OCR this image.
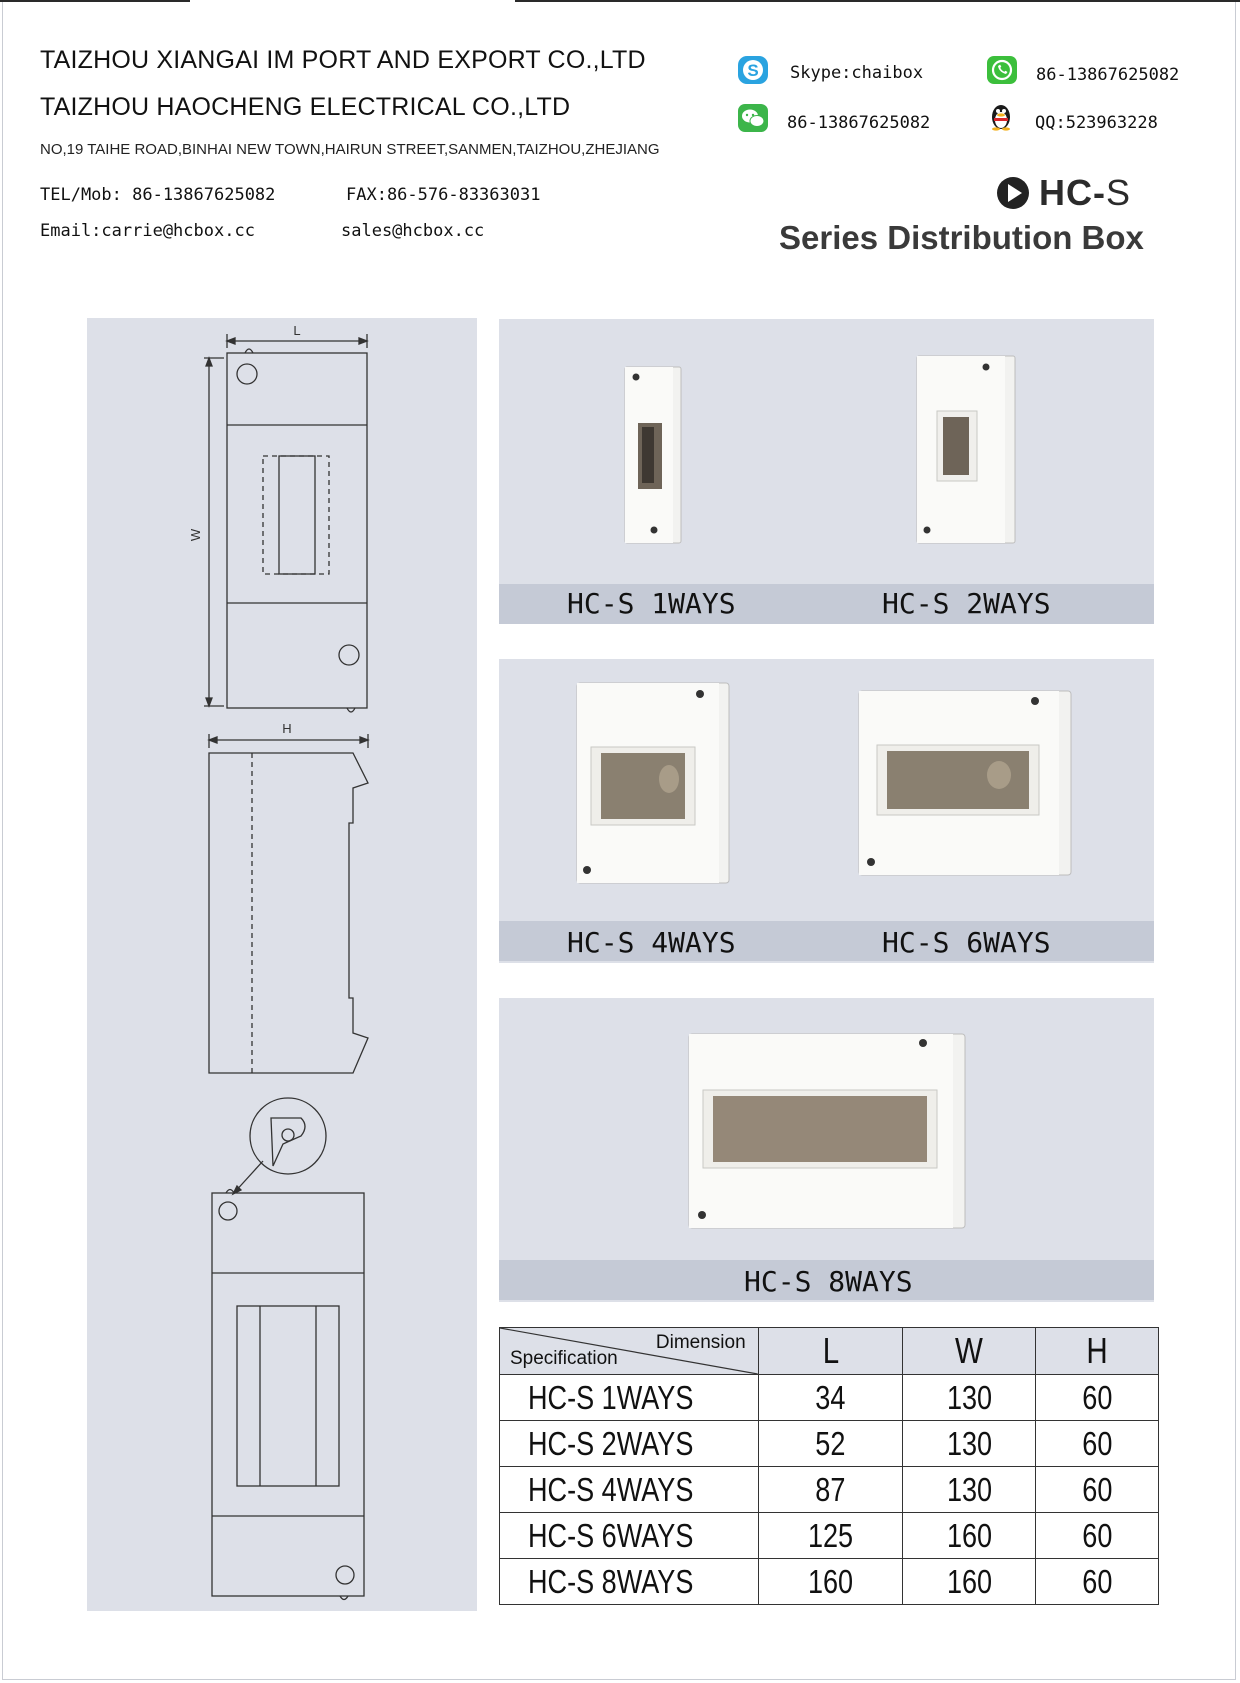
TAIZHOU XIANGAI IM PORT AND EXPORT CO.,LTD
TAIZHOU HAOCHENG ELECTRICAL CO.,LTD
NO,19 TAIHE ROAD,BINHAI NEW TOWN,HAIRUN STREET,SANMEN,TAIZHOU,ZHEJIANG
TEL/Mob: 86-13867625082	FAX:86-576-83363031
Email:carrie@hcbox.cc	sales@hcbox.cc
S Skype:chaibox	86-13867625082
86-13867625082	QQ:523963228
HC - S
Series Distribution Box
L
W
H
HC-S 1WAYS	HC-S 2WAYS
HC-S 4WAYS	HC-S 6WAYS
HC-S 8WAYS
Dimension
Specification	L	W	H
HC-S 1WAYS	34	130	60
HC-S 2WAYS	52	130	60
HC-S 4WAYS	87	130	60
HC-S 6WAYS	125	160	60
HC-S 8WAYS	160	160	60
